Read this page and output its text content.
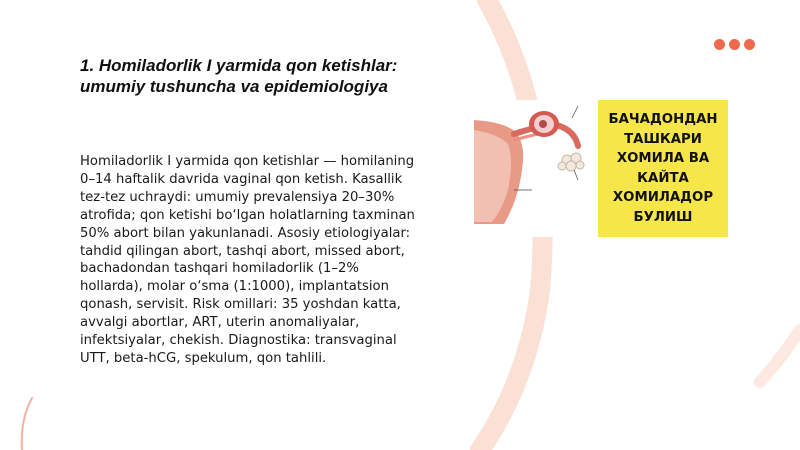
1. Homiladorlik I yarmida qon ketishlar: umumiy tushuncha va epidemiologiya

Homiladorlik I yarmida qon ketishlar — homilaning 0–14 haftalik davrida vaginal qon ketish. Kasallik tez-tez uchraydi: umumiy prevalensiya 20–30% atrofida; qon ketishi bo‘lgan holatlarning taxminan 50% abort bilan yakunlanadi. Asosiy etiologiyalar: tahdid qilingan abort, tashqi abort, missed abort, bachadondan tashqari homiladorlik (1–2% hollarda), molar o‘sma (1:1000), implantatsion qonash, servisit. Risk omillari: 35 yoshdan katta, avvalgi abortlar, ART, uterin anomaliyalar, infektsiyalar, chekish. Diagnostika: transvaginal UTT, beta-hCG, spekulum, qon tahlili.

БАЧАДОНДАН
ТАШКАРИ
ХОМИЛА ВА
КАЙТА
ХОМИЛАДОР
БУЛИШ
